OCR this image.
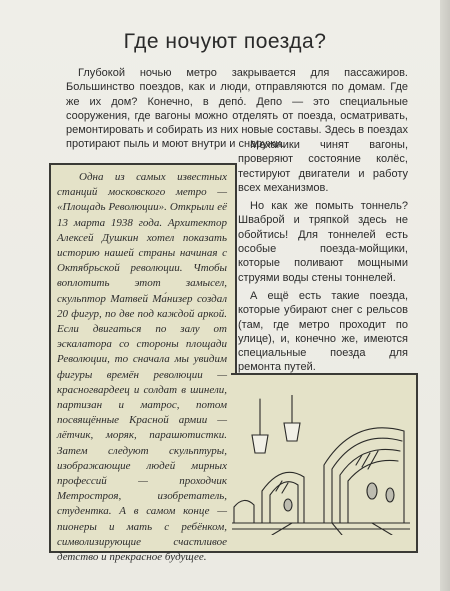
Где ночуют поезда?
Глубокой ночью метро закрывается для пассажиров. Большинство поездов, как и люди, отправляются по домам. Где же их дом? Конечно, в депо́. Депо — это специальные сооружения, где вагоны можно отделять от поезда, осматривать, ремонтировать и собирать из них новые составы. Здесь в поездах протирают пыль и моют внутри и снаружи.
Одна из самых известных станций московского метро — «Площадь Революции». Открыли её 13 марта 1938 года. Архитектор Алексей Душкин хотел показать историю нашей страны начиная с Октябрьской революции. Чтобы воплотить этот замысел, скульптор Матвей Ма́низер создал 20 фигур, по две под каждой аркой. Если двигаться по залу от эскалатора со стороны площади Революции, то сначала мы увидим фигуры времён революции — красногвардеец и солдат в шинели, партизан и матрос, потом посвящённые Красной армии — лётчик, моряк, парашютистки. Затем следуют скульптуры, изображающие людей мирных профессий — проходчик Метростроя, изобретатель, студентка. А в самом конце — пионеры и мать с ребёнком, символизирующие счастливое детство и прекрасное будущее.

Механики чинят вагоны, проверяют состояние колёс, тестируют двигатели и работу всех механизмов.

Но как же помыть тоннель? Шваброй и тряпкой здесь не обойтись! Для тоннелей есть особые поезда-мойщики, которые поливают мощными струями воды стены тоннелей.

А ещё есть такие поезда, которые убирают снег с рельсов (там, где метро проходит по улице), и, конечно же, имеются специальные поезда для ремонта путей.
